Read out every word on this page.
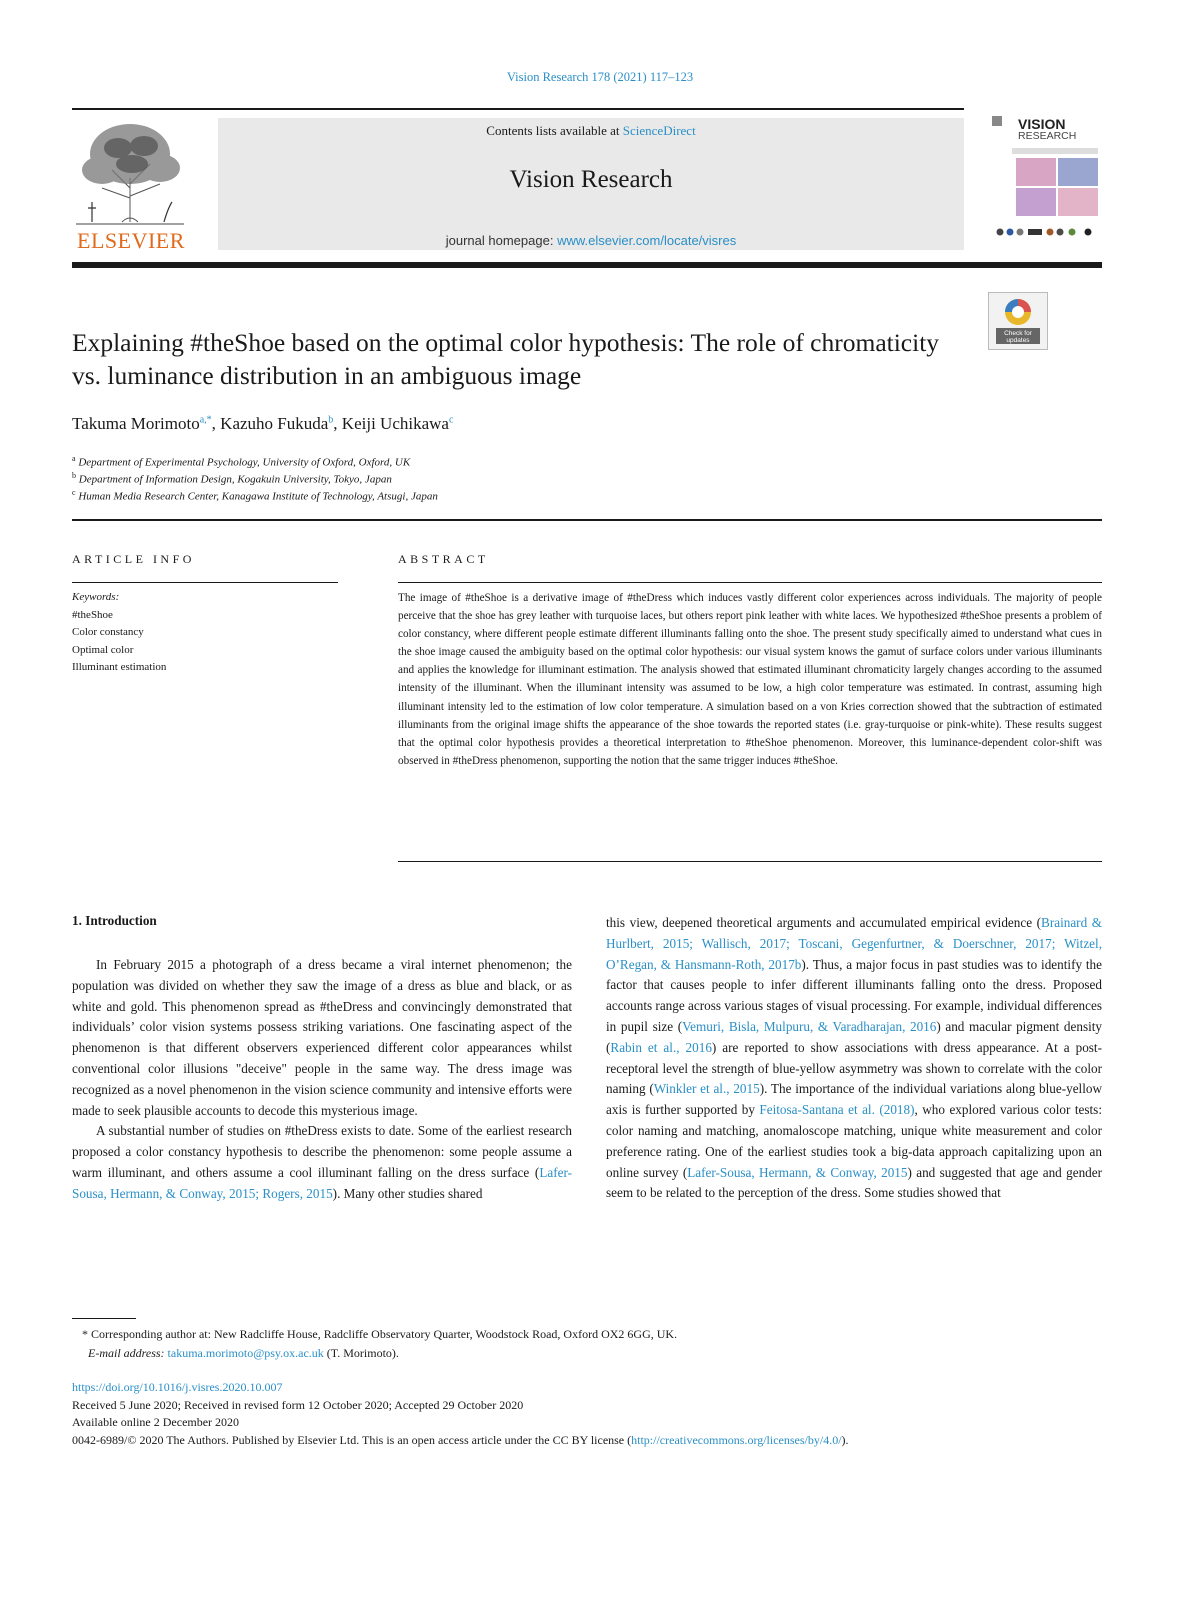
Vision Research 178 (2021) 117–123
Contents lists available at ScienceDirect
Vision Research
journal homepage: www.elsevier.com/locate/visres
ELSEVIER
VISION
RESEARCH
Explaining #theShoe based on the optimal color hypothesis: The role of chromaticity vs. luminance distribution in an ambiguous image
Check for updates
Takuma Morimoto$^{a,*}$, Kazuho Fukuda$^b$, Keiji Uchikawa$^c$
$^a$ Department of Experimental Psychology, University of Oxford, Oxford, UK
$^b$ Department of Information Design, Kogakuin University, Tokyo, Japan
$^c$ Human Media Research Center, Kanagawa Institute of Technology, Atsugi, Japan
ARTICLE INFO
Keywords:
#theShoe
Color constancy
Optimal color
Illuminant estimation
ABSTRACT
The image of #theShoe is a derivative image of #theDress which induces vastly different color experiences across individuals. The majority of people perceive that the shoe has grey leather with turquoise laces, but others report pink leather with white laces. We hypothesized #theShoe presents a problem of color constancy, where different people estimate different illuminants falling onto the shoe. The present study specifically aimed to understand what cues in the shoe image caused the ambiguity based on the optimal color hypothesis: our visual system knows the gamut of surface colors under various illuminants and applies the knowledge for illuminant estimation. The analysis showed that estimated illuminant chromaticity largely changes according to the assumed intensity of the illuminant. When the illuminant intensity was assumed to be low, a high color temperature was estimated. In contrast, assuming high illuminant intensity led to the estimation of low color temperature. A simulation based on a von Kries correction showed that the subtraction of estimated illuminants from the original image shifts the appearance of the shoe towards the reported states (i.e. gray-turquoise or pink-white). These results suggest that the optimal color hypothesis provides a theoretical interpretation to #theShoe phenomenon. Moreover, this luminance-dependent color-shift was observed in #theDress phenomenon, supporting the notion that the same trigger induces #theShoe.
1. Introduction

In February 2015 a photograph of a dress became a viral internet phenomenon; the population was divided on whether they saw the image of a dress as blue and black, or as white and gold. This phenomenon spread as #theDress and convincingly demonstrated that individuals’ color vision systems possess striking variations. One fascinating aspect of the phenomenon is that different observers experienced different color appearances whilst conventional color illusions "deceive" people in the same way. The dress image was recognized as a novel phenomenon in the vision science community and intensive efforts were made to seek plausible accounts to decode this mysterious image.

A substantial number of studies on #theDress exists to date. Some of the earliest research proposed a color constancy hypothesis to describe the phenomenon: some people assume a warm illuminant, and others assume a cool illuminant falling on the dress surface (Lafer-Sousa, Hermann, & Conway, 2015; Rogers, 2015). Many other studies shared

this view, deepened theoretical arguments and accumulated empirical evidence (Brainard & Hurlbert, 2015; Wallisch, 2017; Toscani, Gegenfurtner, & Doerschner, 2017; Witzel, O’Regan, & Hansmann-Roth, 2017b). Thus, a major focus in past studies was to identify the factor that causes people to infer different illuminants falling onto the dress. Proposed accounts range across various stages of visual processing. For example, individual differences in pupil size (Vemuri, Bisla, Mulpuru, & Varadharajan, 2016) and macular pigment density (Rabin et al., 2016) are reported to show associations with dress appearance. At a post-receptoral level the strength of blue-yellow asymmetry was shown to correlate with the color naming (Winkler et al., 2015). The importance of the individual variations along blue-yellow axis is further supported by Feitosa-Santana et al. (2018), who explored various color tests: color naming and matching, anomaloscope matching, unique white measurement and color preference rating. One of the earliest studies took a big-data approach capitalizing upon an online survey (Lafer-Sousa, Hermann, & Conway, 2015) and suggested that age and gender seem to be related to the perception of the dress. Some studies showed that

* Corresponding author at: New Radcliffe House, Radcliffe Observatory Quarter, Woodstock Road, Oxford OX2 6GG, UK.
E-mail address: takuma.morimoto@psy.ox.ac.uk (T. Morimoto).
https://doi.org/10.1016/j.visres.2020.10.007
Received 5 June 2020; Received in revised form 12 October 2020; Accepted 29 October 2020
Available online 2 December 2020
0042-6989/© 2020 The Authors. Published by Elsevier Ltd. This is an open access article under the CC BY license (http://creativecommons.org/licenses/by/4.0/).
